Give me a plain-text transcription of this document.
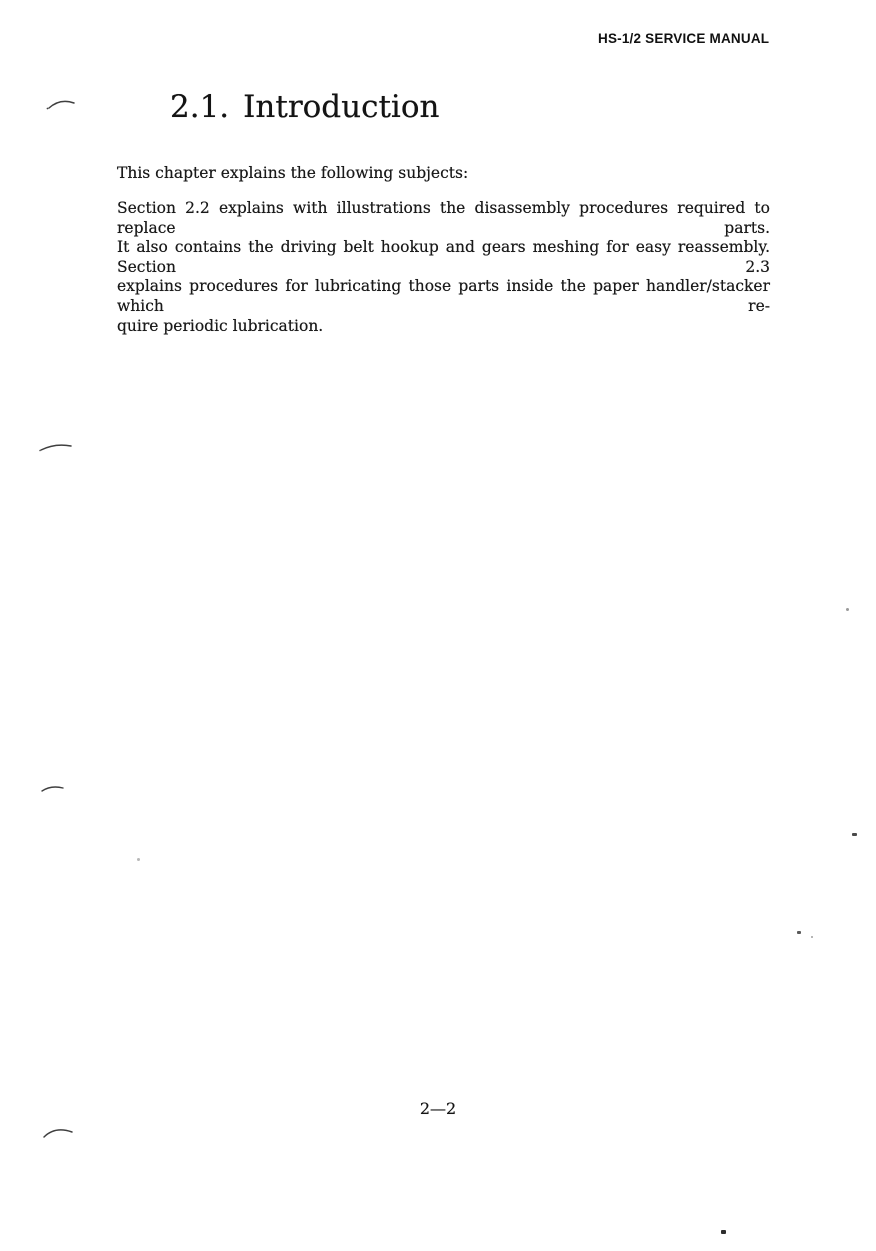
HS-1/2 SERVICE MANUAL
2.1. Introduction
This chapter explains the following subjects:
Section 2.2 explains with illustrations the disassembly procedures required to replace parts.
It also contains the driving belt hookup and gears meshing for easy reassembly. Section 2.3
explains procedures for lubricating those parts inside the paper handler/stacker which re-
quire periodic lubrication.
2—2
